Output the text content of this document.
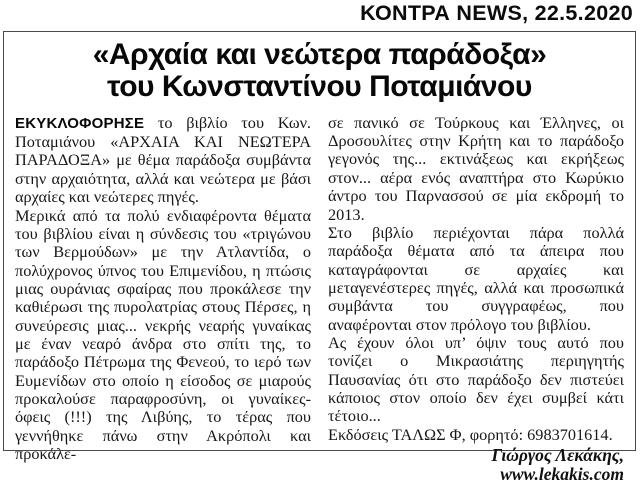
ΚΟΝΤΡΑ NEWS, 22.5.2020
«Αρχαία και νεώτερα παράδοξα»
του Κωνσταντίνου Ποταμιάνου

ΕΚΥΚΛΟΦΟΡΗΣΕ το βιβλίο του Κων. Ποταμιάνου «ΑΡΧΑΙΑ ΚΑΙ ΝΕΩΤΕΡΑ ΠΑΡΑΔΟΞΑ» με θέμα παράδοξα συμβάντα στην αρχαιότητα, αλλά και νεώτερα με βάσι αρχαίες και νεώτερες πηγές.

Μερικά από τα πολύ ενδιαφέροντα θέματα του βιβλίου είναι η σύνδεσις του «τριγώνου των Βερμούδων» με την Ατλαντίδα, ο πολύχρονος ύπνος του Επιμενίδου, η πτώσις μιας ουράνιας σφαίρας που προκάλεσε την καθιέρωσι της πυρολατρίας στους Πέρσες, η συνεύρεσις μιας... νεκρής νεαρής γυναίκας με έναν νεαρό άνδρα στο σπίτι της, το παράδοξο Πέτρωμα της Φενεού, το ιερό των Ευμενίδων στο οποίο η είσοδος σε μιαρούς προκαλούσε παραφροσύνη, οι γυναίκες-όφεις (!!!) της Λιβύης, το τέρας που γεννήθηκε πάνω στην Ακρόπολι και προκάλε-

σε πανικό σε Τούρκους και Έλληνες, οι Δροσουλίτες στην Κρήτη και το παράδοξο γεγονός της... εκτινάξεως και εκρήξεως στον... αέρα ενός αναπτήρα στο Κωρύκιο άντρο του Παρνασσού σε μία εκδρομή το 2013.

Στο βιβλίο περιέχονται πάρα πολλά παράδοξα θέματα από τα άπειρα που καταγράφονται σε αρχαίες και μεταγενέστερες πηγές, αλλά και προσωπικά συμβάντα του συγγραφέως, που αναφέρονται στον πρόλογο του βιβλίου.

Ας έχουν όλοι υπ’ όψιν τους αυτό που τονίζει ο Μικρασιάτης περιηγητής Παυσανίας ότι στο παράδοξο δεν πιστεύει κάποιος στον οποίο δεν έχει συμβεί κάτι τέτοιο...

Εκδόσεις ΤΑΛΩΣ Φ, φορητό: 6983701614.

Γιώργος Λεκάκης,
www.lekakis.com
